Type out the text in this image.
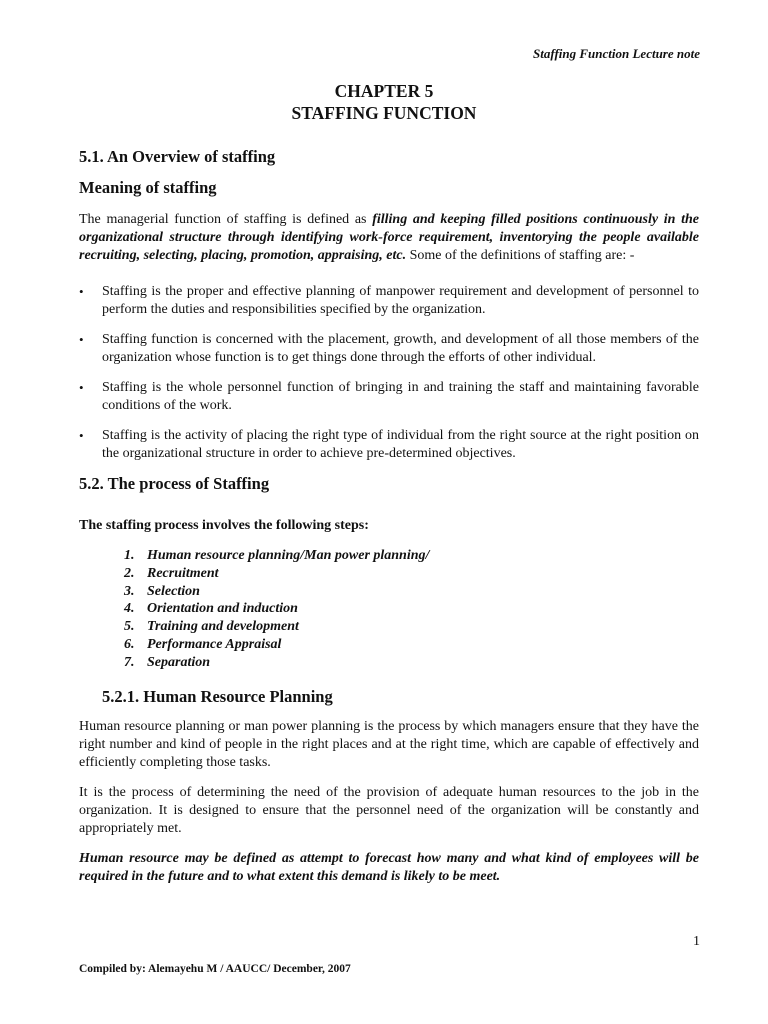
Staffing Function Lecture note
CHAPTER 5
STAFFING FUNCTION
5.1. An Overview of staffing
Meaning of staffing

The managerial function of staffing is defined as filling and keeping filled positions continuously in the organizational structure through identifying work-force requirement, inventorying the people available recruiting, selecting, placing, promotion, appraising, etc. Some of the definitions of staffing are: -

• Staffing is the proper and effective planning of manpower requirement and development of personnel to perform the duties and responsibilities specified by the organization.
• Staffing function is concerned with the placement, growth, and development of all those members of the organization whose function is to get things done through the efforts of other individual.
• Staffing is the whole personnel function of bringing in and training the staff and maintaining favorable conditions of the work.
• Staffing is the activity of placing the right type of individual from the right source at the right position on the organizational structure in order to achieve pre-determined objectives.
5.2. The process of Staffing
The staffing process involves the following steps:
1. Human resource planning/Man power planning/
2. Recruitment
3. Selection
4. Orientation and induction
5. Training and development
6. Performance Appraisal
7. Separation
5.2.1. Human Resource Planning

Human resource planning or man power planning is the process by which managers ensure that they have the right number and kind of people in the right places and at the right time, which are capable of effectively and efficiently completing those tasks.

It is the process of determining the need of the provision of adequate human resources to the job in the organization. It is designed to ensure that the personnel need of the organization will be constantly and appropriately met.

Human resource may be defined as attempt to forecast how many and what kind of employees will be required in the future and to what extent this demand is likely to be meet.

1
Compiled by: Alemayehu M / AAUCC/ December, 2007
